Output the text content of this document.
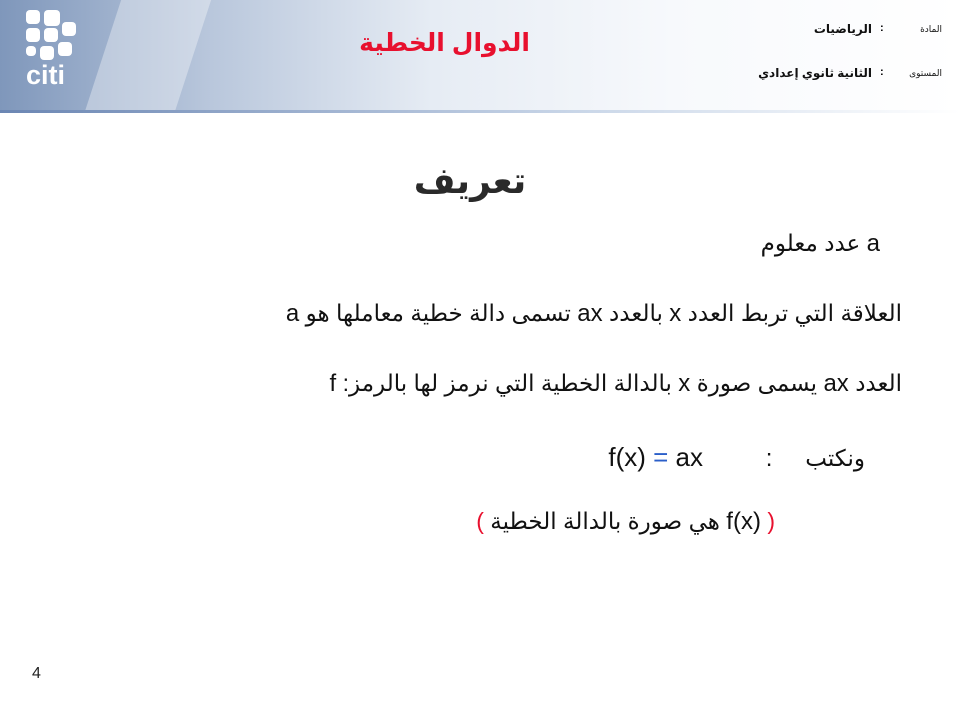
citi
الدوال الخطية	المادة
:
الرياضيات
المستوى
:
الثانية ثانوي إعدادي
تعريف
a عدد معلوم
العلاقة التي تربط العدد x بالعدد ax تسمى دالة خطية معاملها هو a
العدد ax يسمى صورة x بالدالة الخطية التي نرمز لها بالرمز: f
ونكتب  :  f(x) = ax
( f(x) هي صورة بالدالة الخطية )
4
